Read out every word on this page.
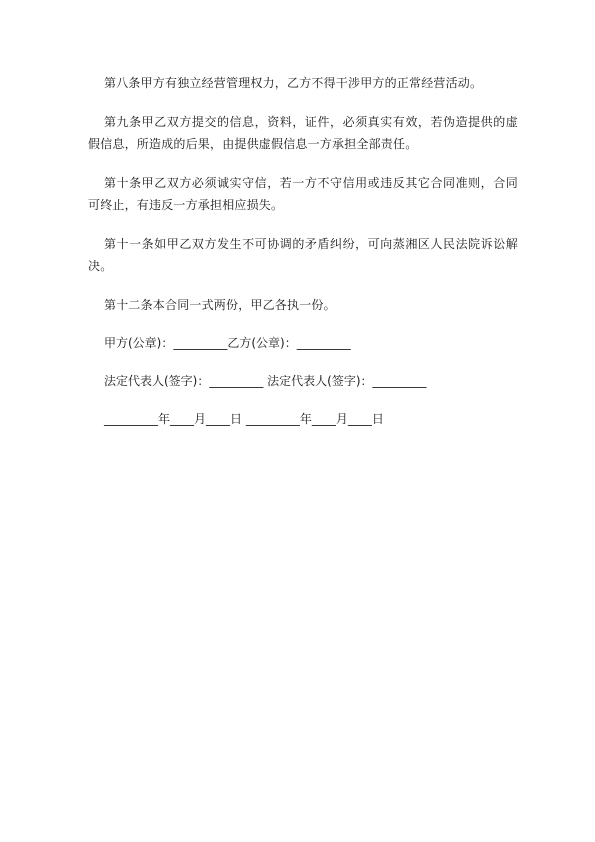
第八条甲方有独立经营管理权力，乙方不得干涉甲方的正常经营活动。

第九条甲乙双方提交的信息，资料，证件，必须真实有效，若伪造提供的虚假信息，所造成的后果，由提供虚假信息一方承担全部责任。

第十条甲乙双方必须诚实守信，若一方不守信用或违反其它合同准则，合同可终止，有违反一方承担相应损失。

第十一条如甲乙双方发生不可协调的矛盾纠纷，可向蒸湘区人民法院诉讼解决。

第十二条本合同一式两份，甲乙各执一份。

甲方(公章)：_________乙方(公章)：_________

法定代表人(签字)：_________ 法定代表人(签字)：_________

_________年____月____日 _________年____月____日
